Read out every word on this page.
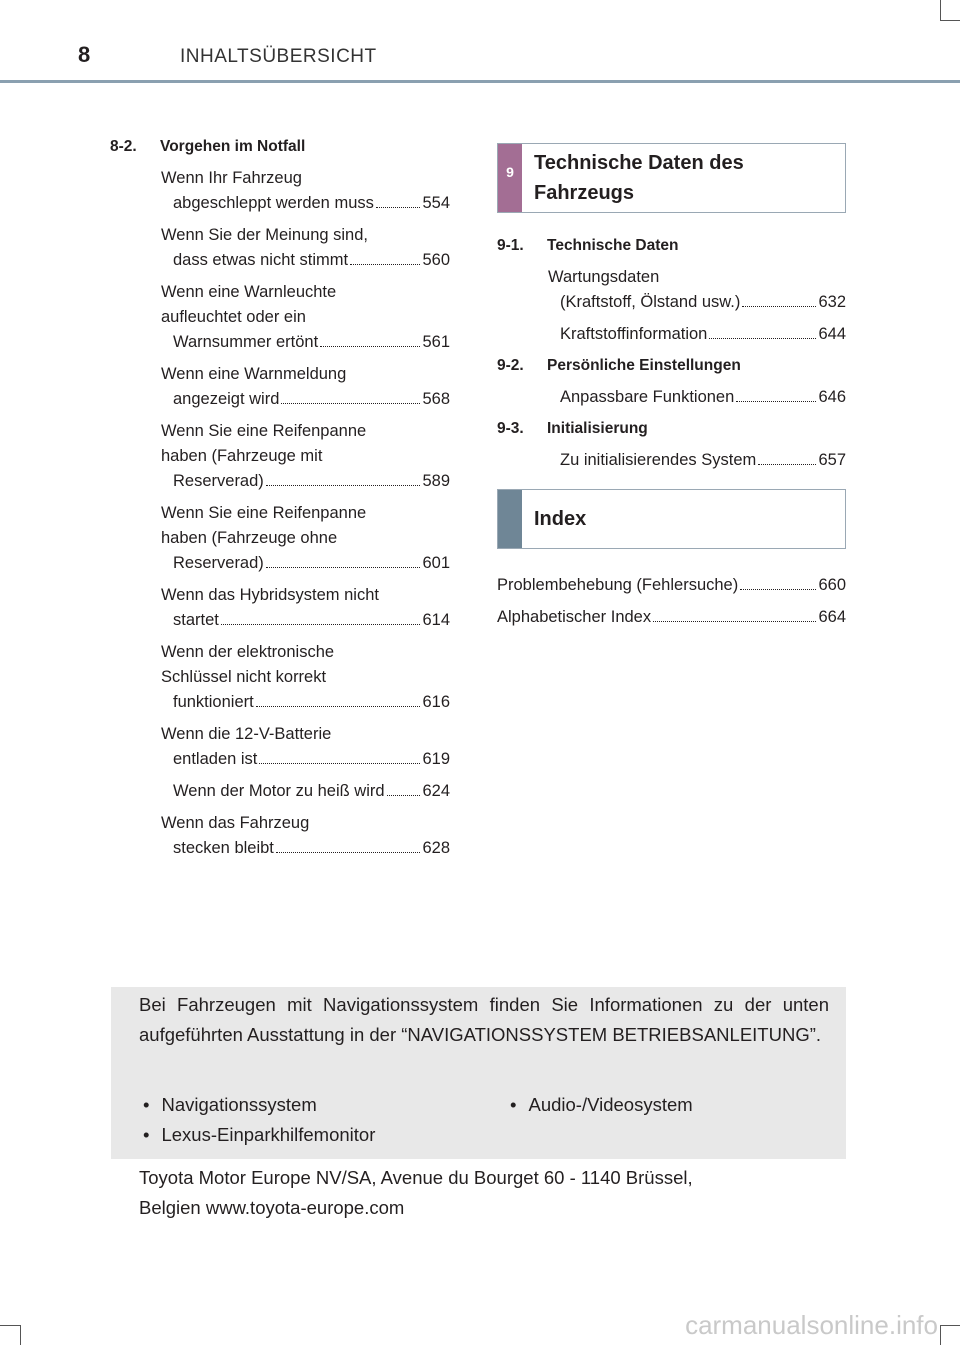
8	INHALTSÜBERSICHT
8-2.	Vorgehen im Notfall
Wenn Ihr Fahrzeug
abgeschleppt werden muss	554
Wenn Sie der Meinung sind,
dass etwas nicht stimmt	560
Wenn eine Warnleuchte
aufleuchtet oder ein
Warnsummer ertönt	561
Wenn eine Warnmeldung
angezeigt wird	568
Wenn Sie eine Reifenpanne
haben (Fahrzeuge mit
Reserverad)	589
Wenn Sie eine Reifenpanne
haben (Fahrzeuge ohne
Reserverad)	601
Wenn das Hybridsystem nicht
startet	614
Wenn der elektronische
Schlüssel nicht korrekt
funktioniert	616
Wenn die 12-V-Batterie
entladen ist	619
Wenn der Motor zu heiß wird 624
Wenn das Fahrzeug
stecken bleibt	628
9	Technische Daten des
Fahrzeugs
9-1.	Technische Daten
Wartungsdaten
(Kraftstoff, Ölstand usw.)	632
Kraftstoffinformation	644
9-2.	Persönliche Einstellungen
Anpassbare Funktionen	646
9-3.	Initialisierung
Zu initialisierendes System	657
Index
Problembehebung (Fehlersuche)	660
Alphabetischer Index	664
Bei Fahrzeugen mit Navigationssystem finden Sie Informationen zu der unten aufgeführten Ausstattung in der “NAVIGATIONSSYSTEM BETRIEBSANLEITUNG”.
• Navigationssystem
• Lexus-Einparkhilfemonitor
• Audio-/Videosystem
Toyota Motor Europe NV/SA, Avenue du Bourget 60 - 1140 Brüssel,
Belgien www.toyota-europe.com
carmanualsonline.info
